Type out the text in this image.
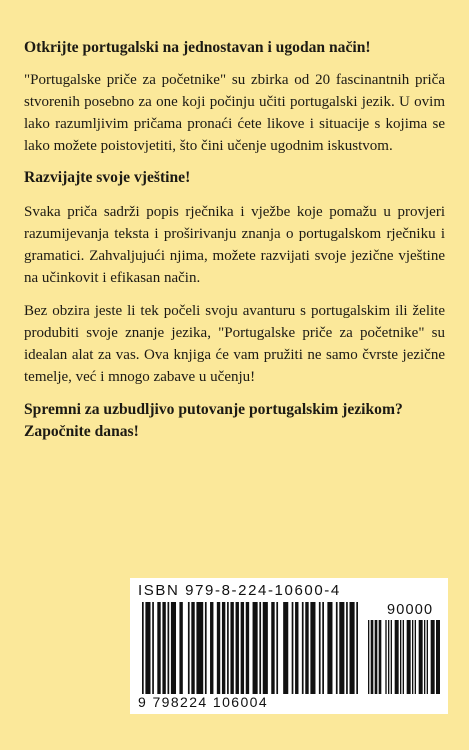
Otkrijte portugalski na jednostavan i ugodan način!

"Portugalske priče za početnike" su zbirka od 20 fascinantnih priča stvorenih posebno za one koji počinju učiti portugalski jezik. U ovim lako razumljivim pričama pronaći ćete likove i situacije s kojima se lako možete poistovjetiti, što čini učenje ugodnim iskustvom.

Razvijajte svoje vještine!

Svaka priča sadrži popis rječnika i vježbe koje pomažu u provjeri razumijevanja teksta i proširivanju znanja o portugalskom rječniku i gramatici. Zahvaljujući njima, možete razvijati svoje jezične vještine na učinkovit i efikasan način.

Bez obzira jeste li tek počeli svoju avanturu s portugalskim ili želite produbiti svoje znanje jezika, "Portugalske priče za početnike" su idealan alat za vas. Ova knjiga će vam pružiti ne samo čvrste jezične temelje, već i mnogo zabave u učenju!

Spremni za uzbudljivo putovanje portugalskim jezikom?

Započnite danas!

ISBN 979-8-224-10600-4
90000
9 798224 106004
